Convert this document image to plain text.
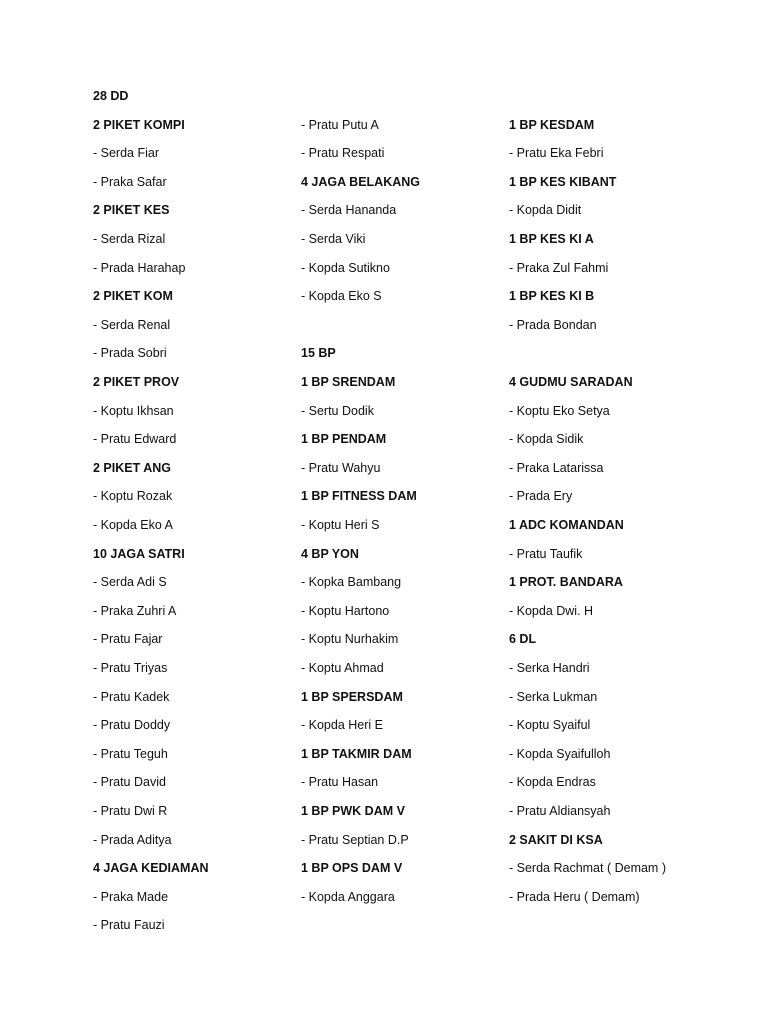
28 DD
2 PIKET KOMPI
- Serda Fiar
- Praka Safar
2 PIKET KES
- Serda Rizal
- Prada Harahap
2 PIKET KOM
- Serda Renal
- Prada Sobri
2 PIKET PROV
- Koptu Ikhsan
- Pratu Edward
2 PIKET ANG
- Koptu Rozak
- Kopda Eko A
10 JAGA SATRI
- Serda Adi S
- Praka Zuhri A
- Pratu Fajar
- Pratu Triyas
- Pratu Kadek
- Pratu Doddy
- Pratu Teguh
- Pratu David
- Pratu Dwi R
- Prada Aditya
4 JAGA KEDIAMAN
- Praka Made
- Pratu Fauzi
- Pratu Putu A
- Pratu Respati
4 JAGA BELAKANG
- Serda Hananda
- Serda Viki
- Kopda Sutikno
- Kopda Eko S
15 BP
1 BP SRENDAM
- Sertu Dodik
1 BP PENDAM
- Pratu Wahyu
1 BP FITNESS DAM
- Koptu Heri S
4 BP YON
- Kopka Bambang
- Koptu Hartono
- Koptu Nurhakim
- Koptu Ahmad
1 BP SPERSDAM
- Kopda Heri E
1 BP TAKMIR DAM
- Pratu Hasan
1 BP PWK DAM V
- Pratu Septian D.P
1 BP OPS DAM V
- Kopda Anggara
1 BP KESDAM
- Pratu Eka Febri
1 BP KES KIBANT
- Kopda Didit
1 BP KES KI A
- Praka Zul Fahmi
1 BP KES KI B
- Prada Bondan
4 GUDMU SARADAN
- Koptu Eko Setya
- Kopda Sidik
- Praka Latarissa
- Prada Ery
1 ADC KOMANDAN
- Pratu Taufik
1 PROT. BANDARA
- Kopda Dwi. H
6 DL
- Serka Handri
- Serka Lukman
- Koptu Syaiful
- Kopda Syaifulloh
- Kopda Endras
- Pratu Aldiansyah
2 SAKIT DI KSA
- Serda Rachmat ( Demam )
- Prada Heru ( Demam)
